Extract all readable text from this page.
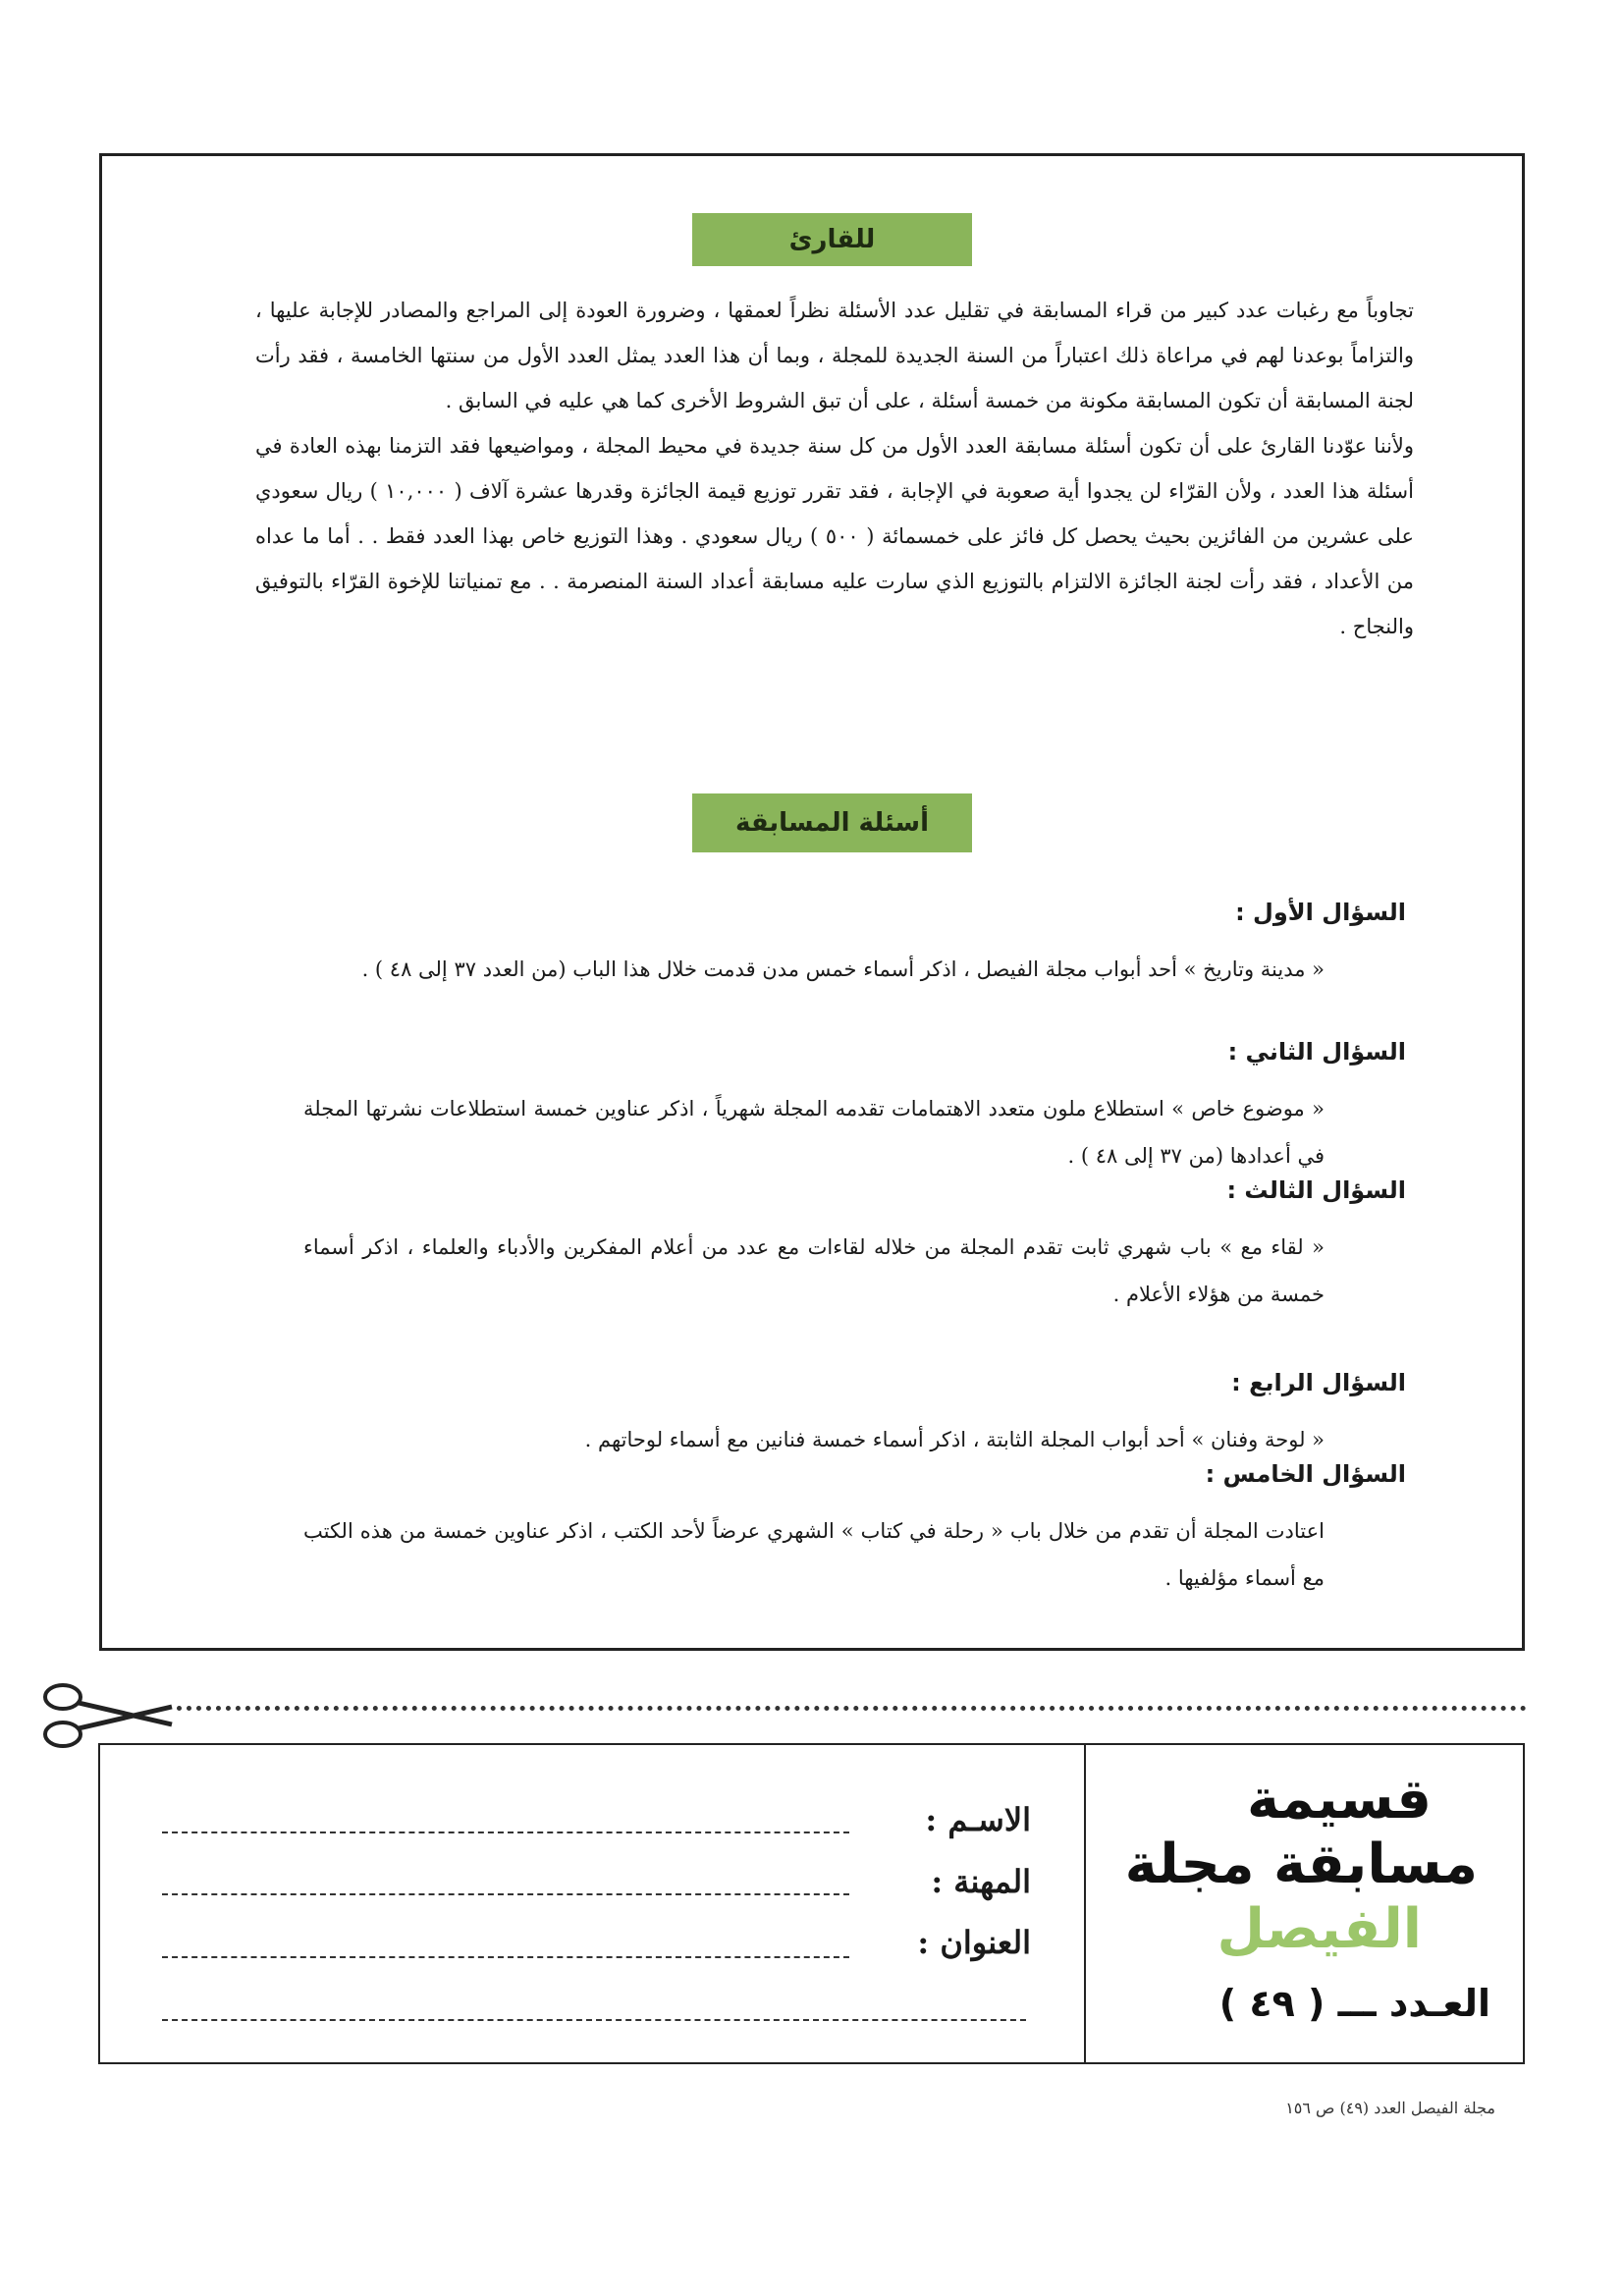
للقارئ

تجاوباً مع رغبات عدد كبير من قراء المسابقة في تقليل عدد الأسئلة نظراً لعمقها ، وضرورة العودة إلى المراجع والمصادر للإجابة عليها ، والتزاماً بوعدنا لهم في مراعاة ذلك اعتباراً من السنة الجديدة للمجلة ، وبما أن هذا العدد يمثل العدد الأول من سنتها الخامسة ، فقد رأت لجنة المسابقة أن تكون المسابقة مكونة من خمسة أسئلة ، على أن تبق الشروط الأخرى كما هي عليه في السابق .

ولأننا عوّدنا القارئ على أن تكون أسئلة مسابقة العدد الأول من كل سنة جديدة في محيط المجلة ، ومواضيعها فقد التزمنا بهذه العادة في أسئلة هذا العدد ، ولأن القرّاء لن يجدوا أية صعوبة في الإجابة ، فقد تقرر توزيع قيمة الجائزة وقدرها عشرة آلاف ( ١٠,٠٠٠ ) ريال سعودي على عشرين من الفائزين بحيث يحصل كل فائز على خمسمائة ( ٥٠٠ ) ريال سعودي . وهذا التوزيع خاص بهذا العدد فقط . . أما ما عداه من الأعداد ، فقد رأت لجنة الجائزة الالتزام بالتوزيع الذي سارت عليه مسابقة أعداد السنة المنصرمة . . مع تمنياتنا للإخوة القرّاء بالتوفيق والنجاح .

أسئلة المسابقة
السؤال الأول :
« مدينة وتاريخ » أحد أبواب مجلة الفيصل ، اذكر أسماء خمس مدن قدمت خلال هذا الباب (من العدد ٣٧ إلى ٤٨ ) .
السؤال الثاني :
« موضوع خاص » استطلاع ملون متعدد الاهتمامات تقدمه المجلة شهرياً ، اذكر عناوين خمسة استطلاعات نشرتها المجلة في أعدادها (من ٣٧ إلى ٤٨ ) .
السؤال الثالث :
« لقاء مع » باب شهري ثابت تقدم المجلة من خلاله لقاءات مع عدد من أعلام المفكرين والأدباء والعلماء ، اذكر أسماء خمسة من هؤلاء الأعلام .
السؤال الرابع :
« لوحة وفنان » أحد أبواب المجلة الثابتة ، اذكر أسماء خمسة فنانين مع أسماء لوحاتهم .
السؤال الخامس :
اعتادت المجلة أن تقدم من خلال باب « رحلة في كتاب » الشهري عرضاً لأحد الكتب ، اذكر عناوين خمسة من هذه الكتب مع أسماء مؤلفيها .
قسيمة
مسابقة مجلة
الفيصل
العـدد ـــ ( ٤٩ )
الاسـم :
المهنة :
العنوان :
مجلة الفيصل العدد (٤٩) ص ١٥٦
